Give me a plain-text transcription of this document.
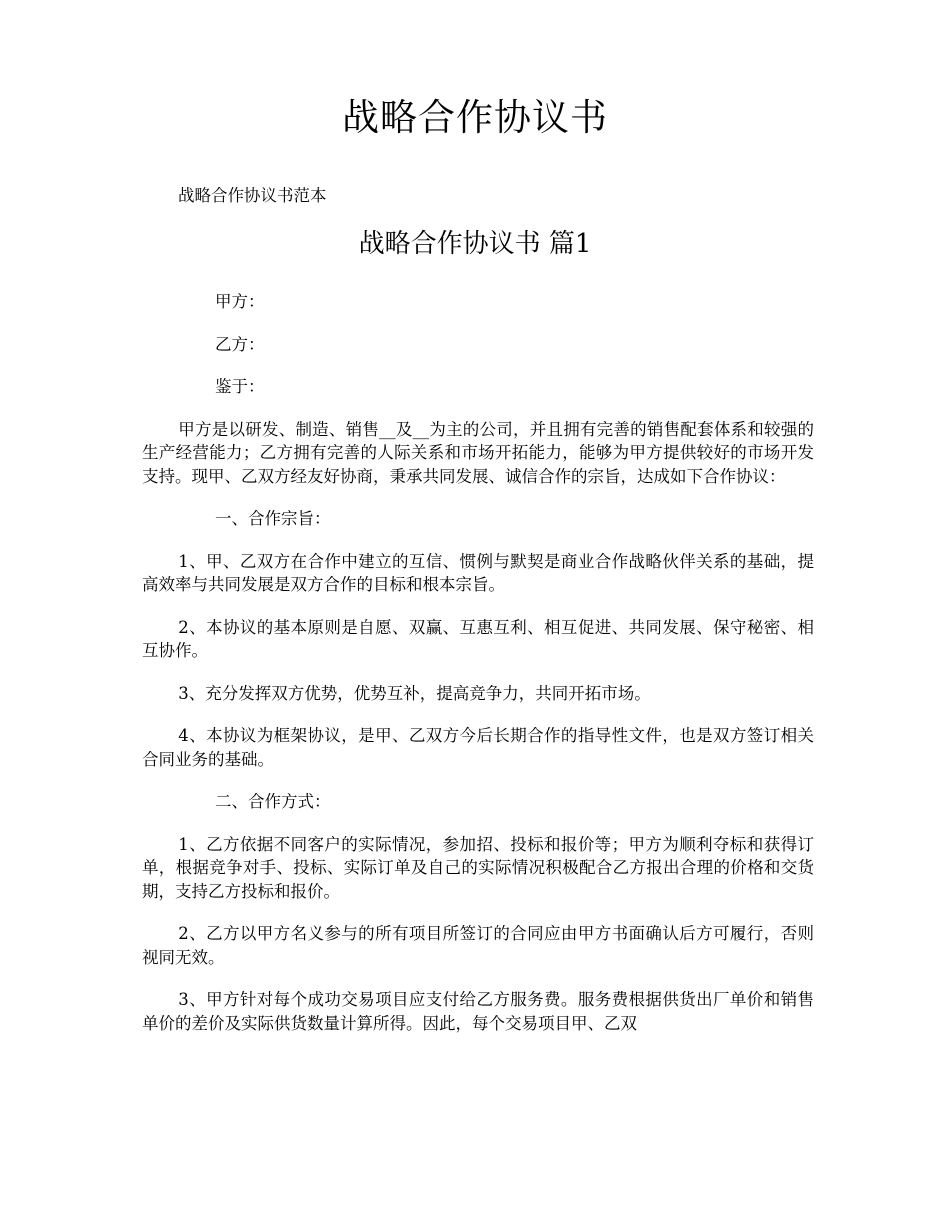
战略合作协议书

战略合作协议书范本

战略合作协议书 篇1

甲方：

乙方：

鉴于：

甲方是以研发、制造、销售__及__为主的公司，并且拥有完善的销售配套体系和较强的生产经营能力；乙方拥有完善的人际关系和市场开拓能力，能够为甲方提供较好的市场开发支持。现甲、乙双方经友好协商，秉承共同发展、诚信合作的宗旨，达成如下合作协议：

一、合作宗旨：

1、甲、乙双方在合作中建立的互信、惯例与默契是商业合作战略伙伴关系的基础，提高效率与共同发展是双方合作的目标和根本宗旨。

2、本协议的基本原则是自愿、双赢、互惠互利、相互促进、共同发展、保守秘密、相互协作。

3、充分发挥双方优势，优势互补，提高竞争力，共同开拓市场。

4、本协议为框架协议，是甲、乙双方今后长期合作的指导性文件，也是双方签订相关合同业务的基础。

二、合作方式：

1、乙方依据不同客户的实际情况，参加招、投标和报价等；甲方为顺利夺标和获得订单，根据竞争对手、投标、实际订单及自己的实际情况积极配合乙方报出合理的价格和交货期，支持乙方投标和报价。

2、乙方以甲方名义参与的所有项目所签订的合同应由甲方书面确认后方可履行，否则视同无效。

3、甲方针对每个成功交易项目应支付给乙方服务费。服务费根据供货出厂单价和销售单价的差价及实际供货数量计算所得。因此，每个交易项目甲、乙双
